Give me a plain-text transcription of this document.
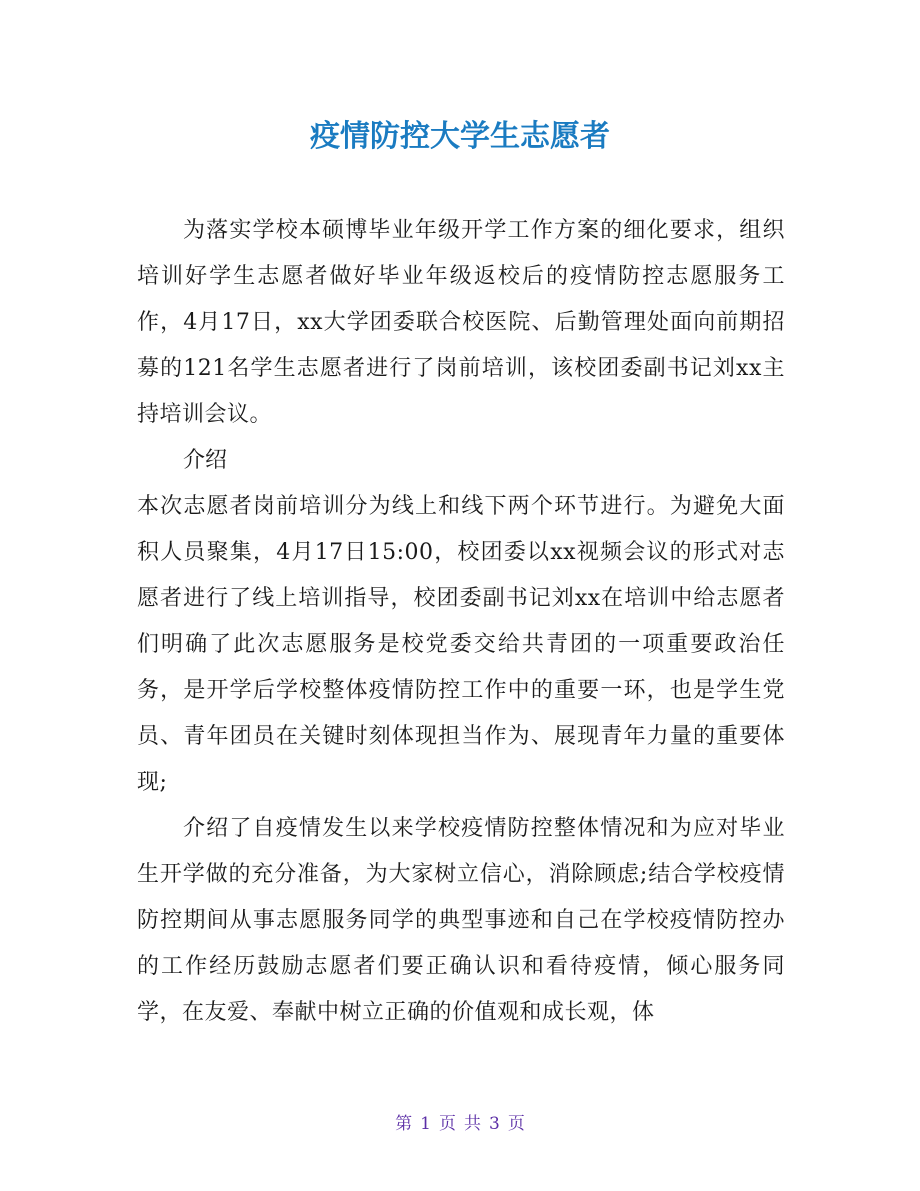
疫情防控大学生志愿者

为落实学校本硕博毕业年级开学工作方案的细化要求，组织培训好学生志愿者做好毕业年级返校后的疫情防控志愿服务工作，4月17日，xx大学团委联合校医院、后勤管理处面向前期招募的121名学生志愿者进行了岗前培训，该校团委副书记刘xx主持培训会议。

介绍

本次志愿者岗前培训分为线上和线下两个环节进行。为避免大面积人员聚集，4月17日15:00，校团委以xx视频会议的形式对志愿者进行了线上培训指导，校团委副书记刘xx在培训中给志愿者们明确了此次志愿服务是校党委交给共青团的一项重要政治任务，是开学后学校整体疫情防控工作中的重要一环，也是学生党员、青年团员在关键时刻体现担当作为、展现青年力量的重要体现;

介绍了自疫情发生以来学校疫情防控整体情况和为应对毕业生开学做的充分准备，为大家树立信心，消除顾虑;结合学校疫情防控期间从事志愿服务同学的典型事迹和自己在学校疫情防控办的工作经历鼓励志愿者们要正确认识和看待疫情，倾心服务同学，在友爱、奉献中树立正确的价值观和成长观，体

第 1 页 共 3 页
